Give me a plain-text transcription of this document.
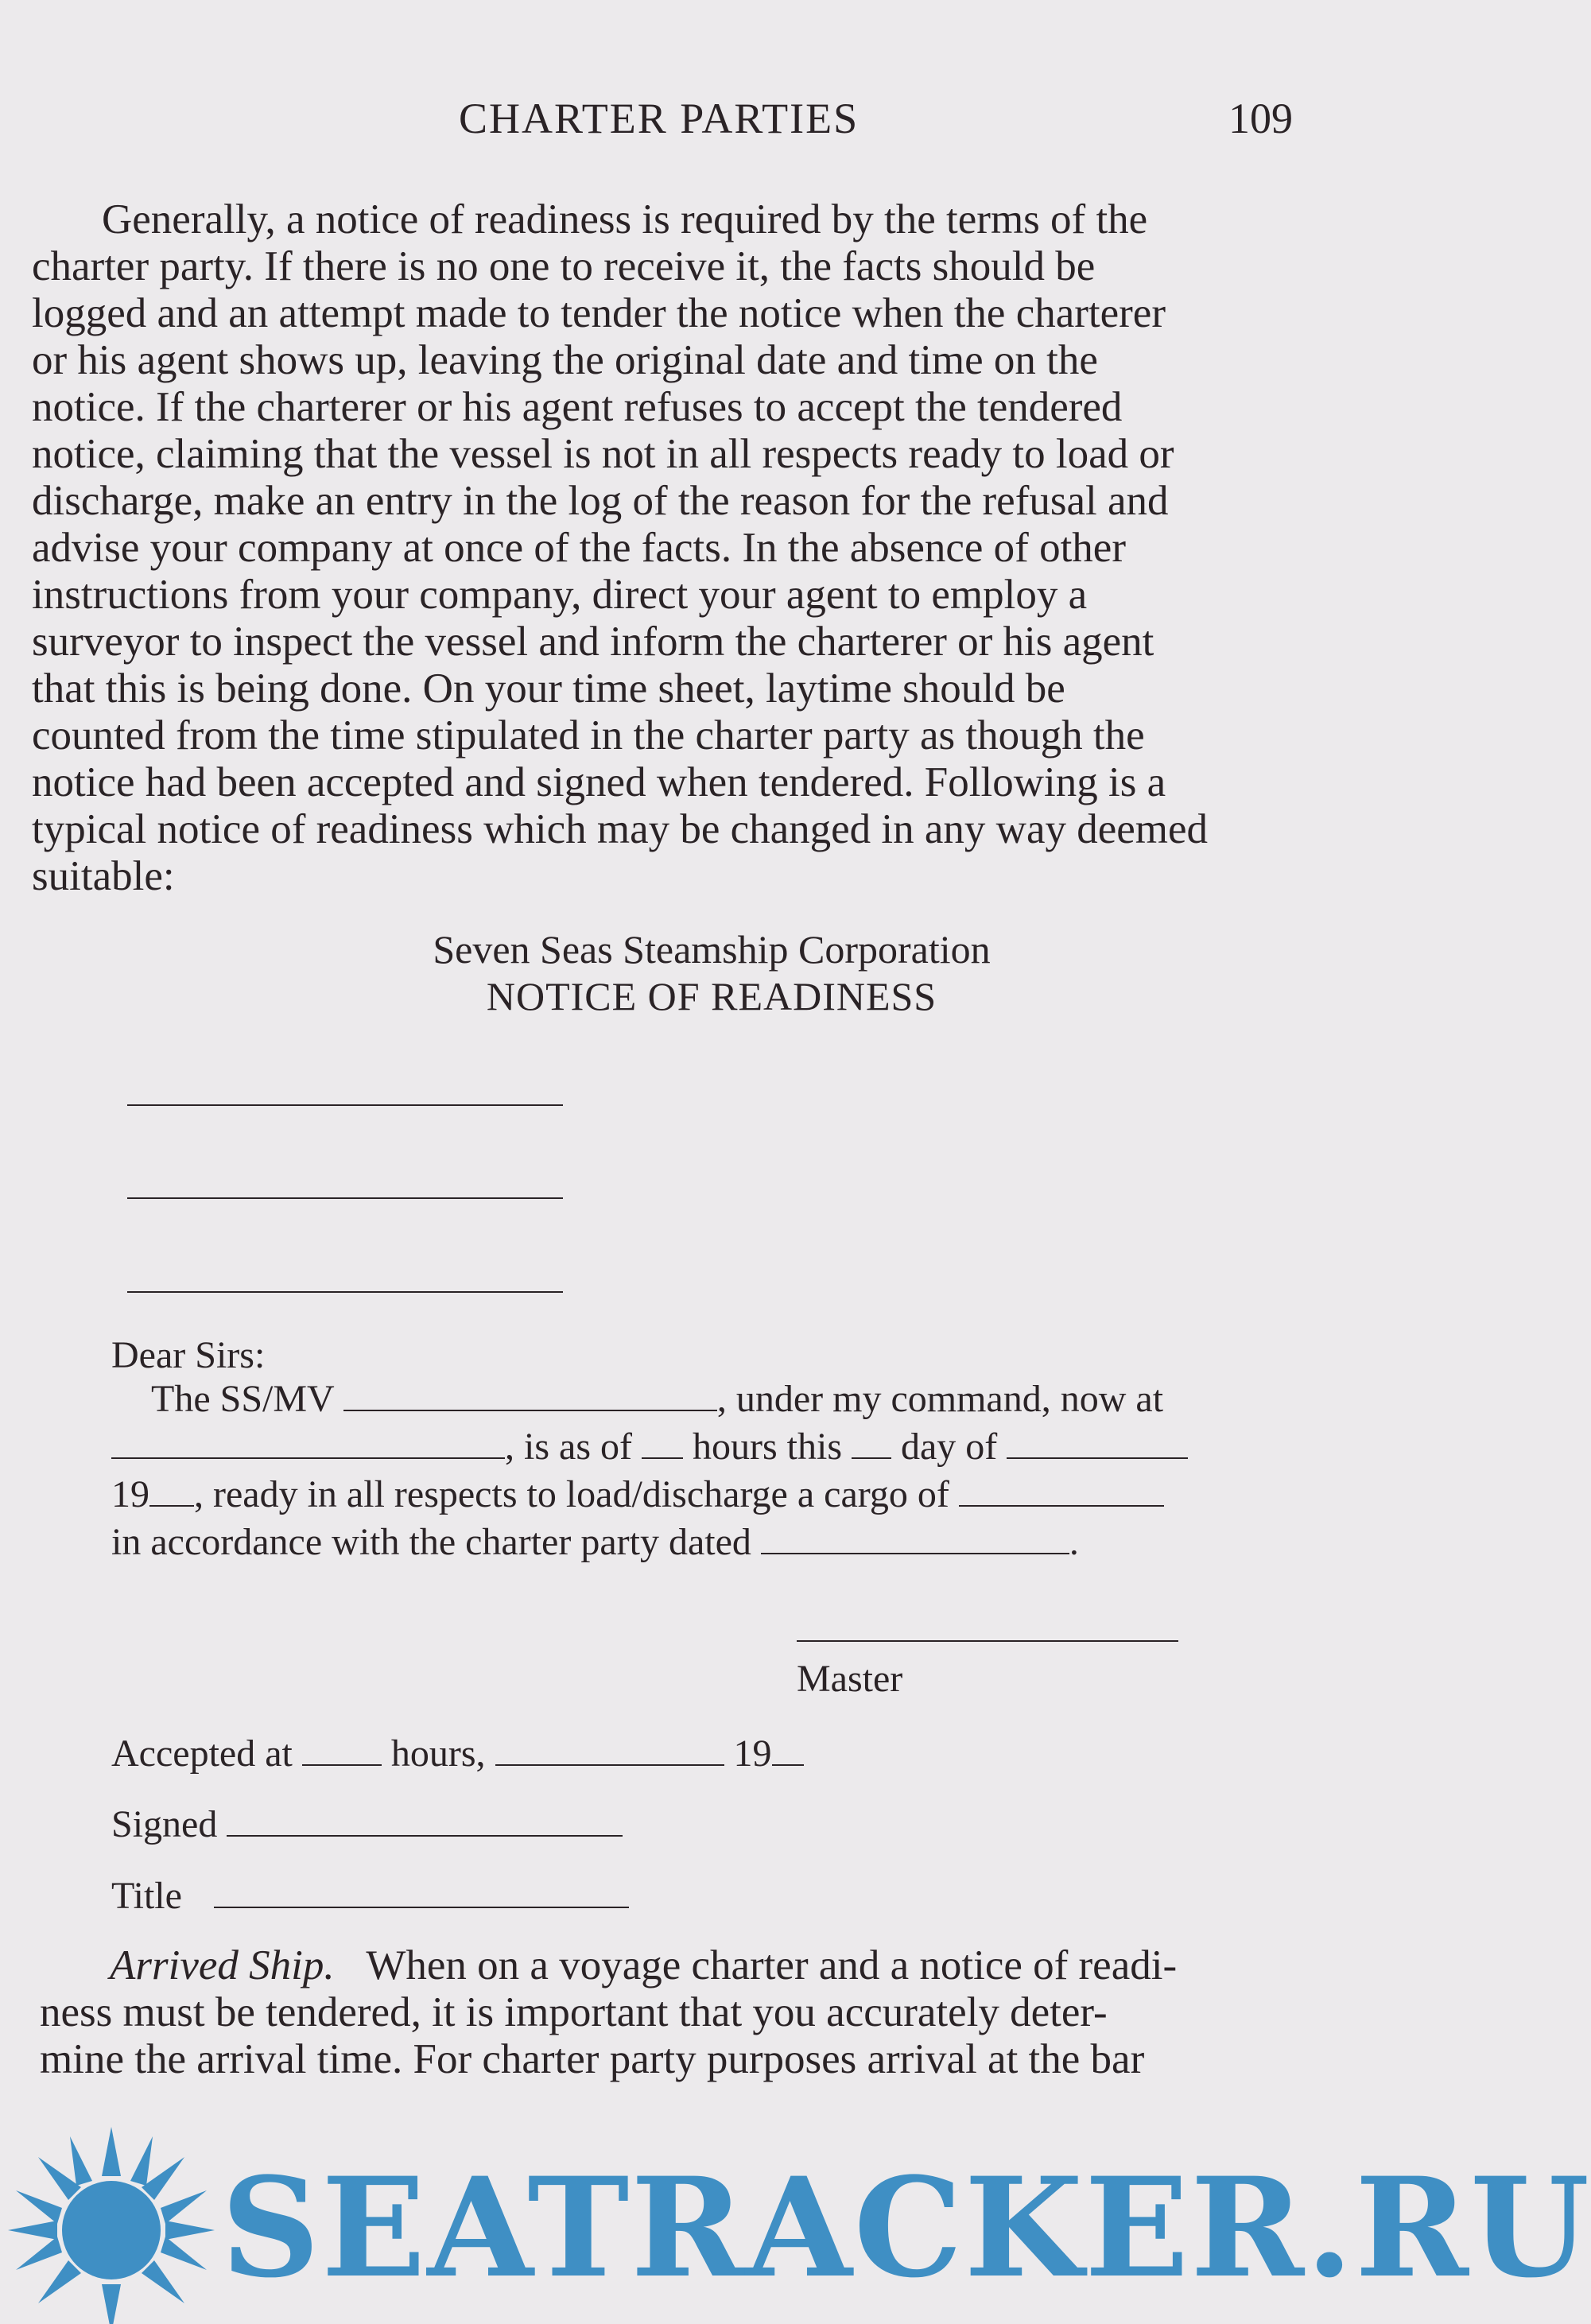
CHARTER PARTIES	109
Generally, a notice of readiness is required by the terms of the
charter party. If there is no one to receive it, the facts should be
logged and an attempt made to tender the notice when the charterer
or his agent shows up, leaving the original date and time on the
notice. If the charterer or his agent refuses to accept the tendered
notice, claiming that the vessel is not in all respects ready to load or
discharge, make an entry in the log of the reason for the refusal and
advise your company at once of the facts. In the absence of other
instructions from your company, direct your agent to employ a
surveyor to inspect the vessel and inform the charterer or his agent
that this is being done. On your time sheet, laytime should be
counted from the time stipulated in the charter party as though the
notice had been accepted and signed when tendered. Following is a
typical notice of readiness which may be changed in any way deemed
suitable:
Seven Seas Steamship Corporation
NOTICE OF READINESS
Dear Sirs:
The SS/MV	, under my command, now at
, is as of hours this day of
19 , ready in all respects to load/discharge a cargo of
in accordance with the charter party dated	.
Master
Accepted at	hours,	19
Signed
Title
Arrived Ship. When on a voyage charter and a notice of readi-
ness must be tendered, it is important that you accurately deter-
mine the arrival time. For charter party purposes arrival at the bar
SEATRACKER.RU
